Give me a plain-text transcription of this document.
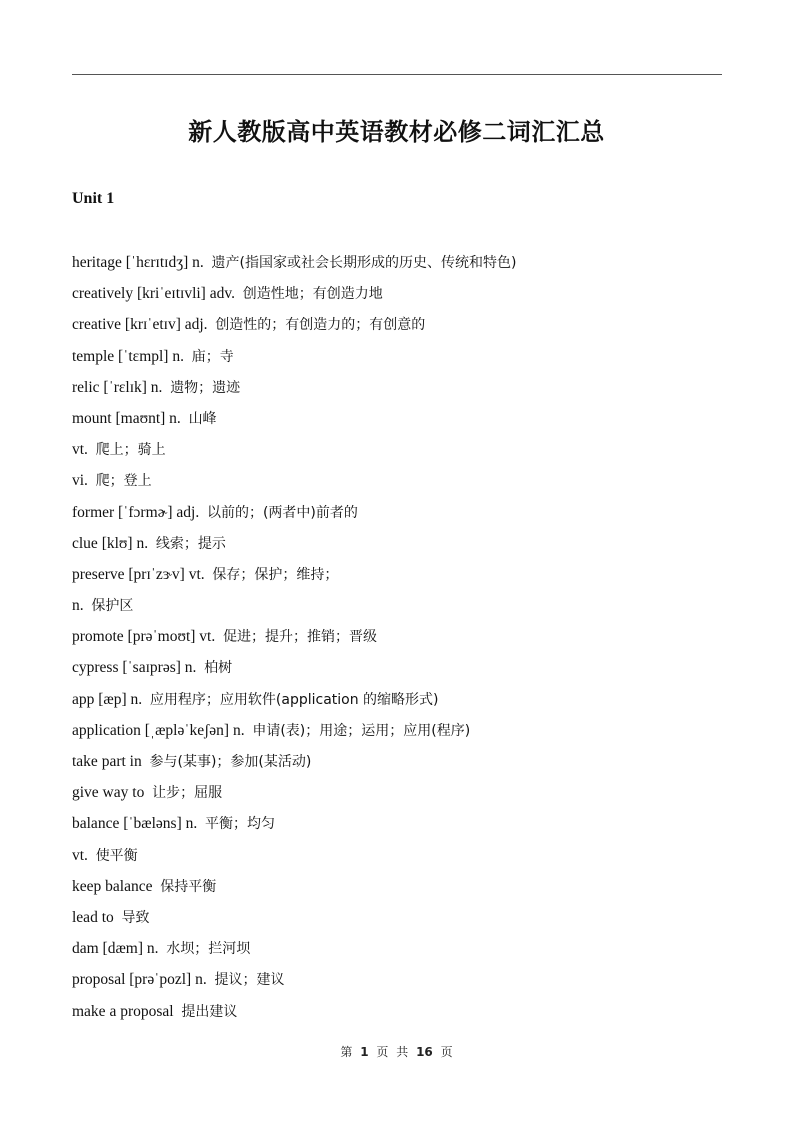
新人教版高中英语教材必修二词汇汇总
Unit 1
heritage [ˈhɛrɪtɪdʒ] n. 遗产(指国家或社会长期形成的历史、传统和特色)
creatively [kriˈeɪtɪvli] adv. 创造性地；有创造力地
creative [krɪˈetɪv] adj. 创造性的；有创造力的；有创意的
temple [ˈtɛmpl] n. 庙；寺
relic [ˈrɛlɪk] n. 遗物；遗迹
mount [maʊnt] n. 山峰
vt. 爬上；骑上
vi. 爬；登上
former [ˈfɔrmɚ] adj. 以前的；(两者中)前者的
clue [klʊ] n. 线索；提示
preserve [prɪˈzɝv] vt. 保存；保护；维持；
n. 保护区
promote [prəˈmoʊt] vt. 促进；提升；推销；晋级
cypress [ˈsaɪprəs] n. 柏树
app [æp] n. 应用程序；应用软件(application 的缩略形式)
application [ˌæpləˈkeʃən] n. 申请(表)；用途；运用；应用(程序)
take part in 参与(某事)；参加(某活动)
give way to 让步；屈服
balance [ˈbæləns] n. 平衡；均匀
vt. 使平衡
keep balance 保持平衡
lead to 导致
dam [dæm] n. 水坝；拦河坝
proposal [prəˈpozl] n. 提议；建议
make a proposal 提出建议
第 1 页 共 16 页
